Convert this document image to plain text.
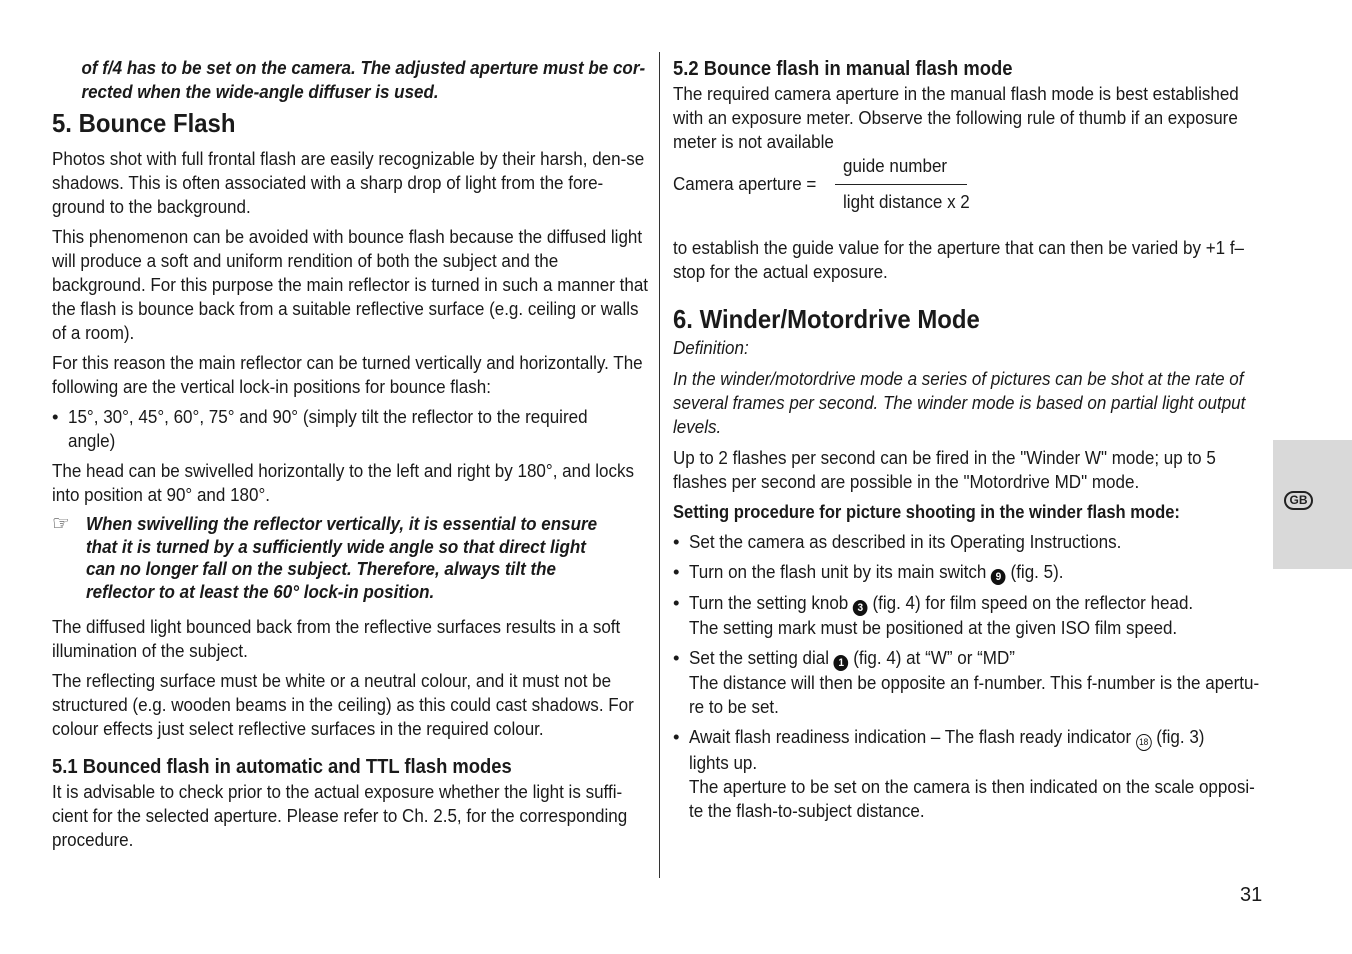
of f/4 has to be set on the camera. The adjusted aperture must be cor-rected when the wide-angle diffuser is used.

5. Bounce Flash

Photos shot with full frontal flash are easily recognizable by their harsh, den-se shadows. This is often associated with a sharp drop of light from the fore-ground to the background.

This phenomenon can be avoided with bounce flash because the diffused light will produce a soft and uniform rendition of both the subject and the background. For this purpose the main reflector is turned in such a manner that the flash is bounce back from a suitable reflective surface (e.g. ceiling or walls of a room).

For this reason the main reflector can be turned vertically and horizontally. The following are the vertical lock-in positions for bounce flash:

• 15°, 30°, 45°, 60°, 75° and 90° (simply tilt the reflector to the required angle)

The head can be swivelled horizontally to the left and right by 180°, and locks into position at 90° and 180°.

☞ When swivelling the reflector vertically, it is essential to ensure that it is turned by a sufficiently wide angle so that direct light can no longer fall on the subject. Therefore, always tilt the reflector to at least the 60° lock-in position.

The diffused light bounced back from the reflective surfaces results in a soft illumination of the subject.

The reflecting surface must be white or a neutral colour, and it must not be structured (e.g. wooden beams in the ceiling) as this could cast shadows. For colour effects just select reflective surfaces in the required colour.

5.1 Bounced flash in automatic and TTL flash modes

It is advisable to check prior to the actual exposure whether the light is suffi-cient for the selected aperture. Please refer to Ch. 2.5, for the corresponding procedure.

5.2 Bounce flash in manual flash mode

The required camera aperture in the manual flash mode is best established with an exposure meter. Observe the following rule of thumb if an exposure meter is not available

Camera aperture =

guide number

light distance x 2

to establish the guide value for the aperture that can then be varied by +1 f–stop for the actual exposure.

6. Winder/Motordrive Mode

Definition:

In the winder/motordrive mode a series of pictures can be shot at the rate of several frames per second. The winder mode is based on partial light output levels.

Up to 2 flashes per second can be fired in the "Winder W" mode; up to 5 flashes per second are possible in the "Motordrive MD" mode.

Setting procedure for picture shooting in the winder flash mode:

• Set the camera as described in its Operating Instructions.

• Turn on the flash unit by its main switch 9 (fig. 5).

• Turn the setting knob 3 (fig. 4) for film speed on the reflector head. The setting mark must be positioned at the given ISO film speed.

• Set the setting dial 1 (fig. 4) at “W” or “MD”

The distance will then be opposite an f-number. This f-number is the apertu-re to be set.

• Await flash readiness indication – The flash ready indicator 18 (fig. 3) lights up.

The aperture to be set on the camera is then indicated on the scale opposi-te the flash-to-subject distance.

GB
31
